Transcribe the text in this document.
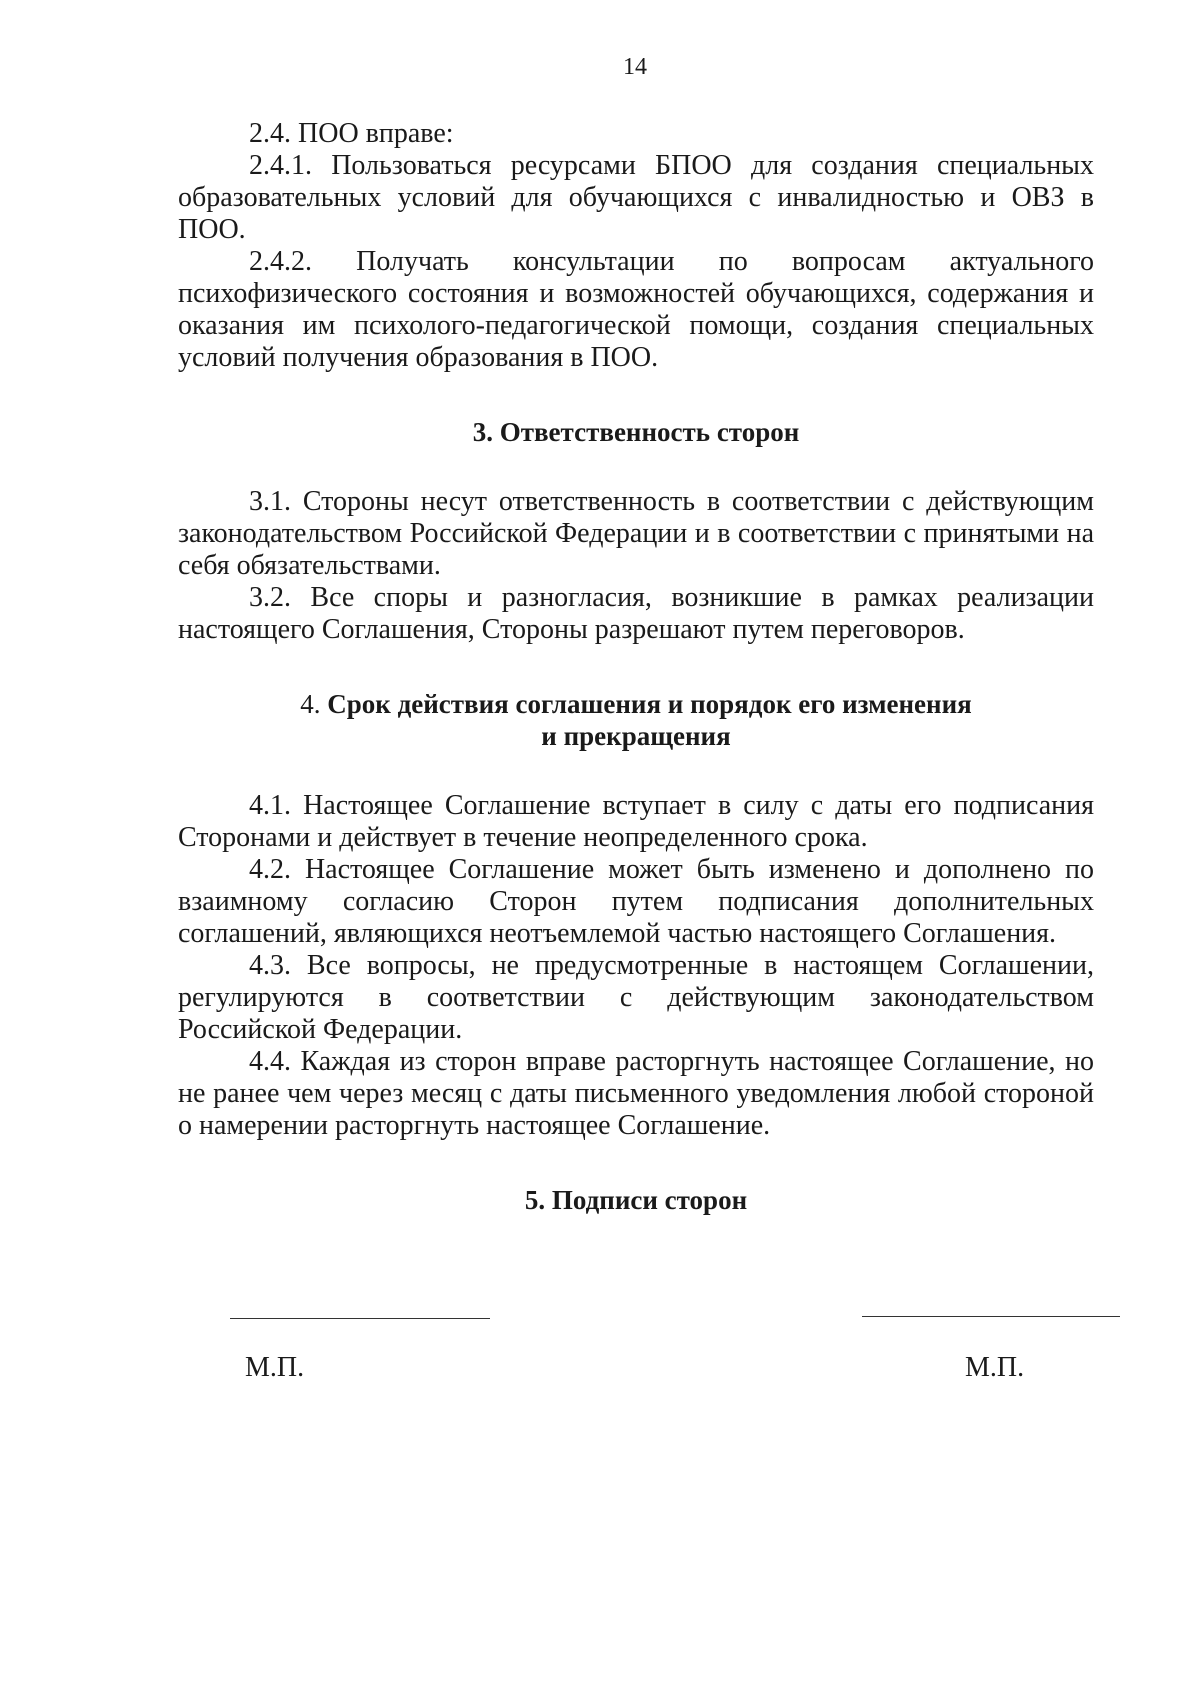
14

2.4. ПОО вправе:

2.4.1. Пользоваться ресурсами БПОО для создания специальных образовательных условий для обучающихся с инвалидностью и ОВЗ в ПОО.

2.4.2. Получать консультации по вопросам актуального психофизического состояния и возможностей обучающихся, содержания и оказания им психолого-педагогической помощи, создания специальных условий получения образования в ПОО.

3. Ответственность сторон

3.1. Стороны несут ответственность в соответствии с действующим законодательством Российской Федерации и в соответствии с принятыми на себя обязательствами.

3.2. Все споры и разногласия, возникшие в рамках реализации настоящего Соглашения, Стороны разрешают путем переговоров.

4. Срок действия соглашения и порядок его изменения
и прекращения

4.1. Настоящее Соглашение вступает в силу с даты его подписания Сторонами и действует в течение неопределенного срока.

4.2. Настоящее Соглашение может быть изменено и дополнено по взаимному согласию Сторон путем подписания дополнительных соглашений, являющихся неотъемлемой частью настоящего Соглашения.

4.3. Все вопросы, не предусмотренные в настоящем Соглашении, регулируются в соответствии с действующим законодательством Российской Федерации.

4.4. Каждая из сторон вправе расторгнуть настоящее Соглашение, но не ранее чем через месяц с даты письменного уведомления любой стороной о намерении расторгнуть настоящее Соглашение.

5. Подписи сторон

М.П.	М.П.
